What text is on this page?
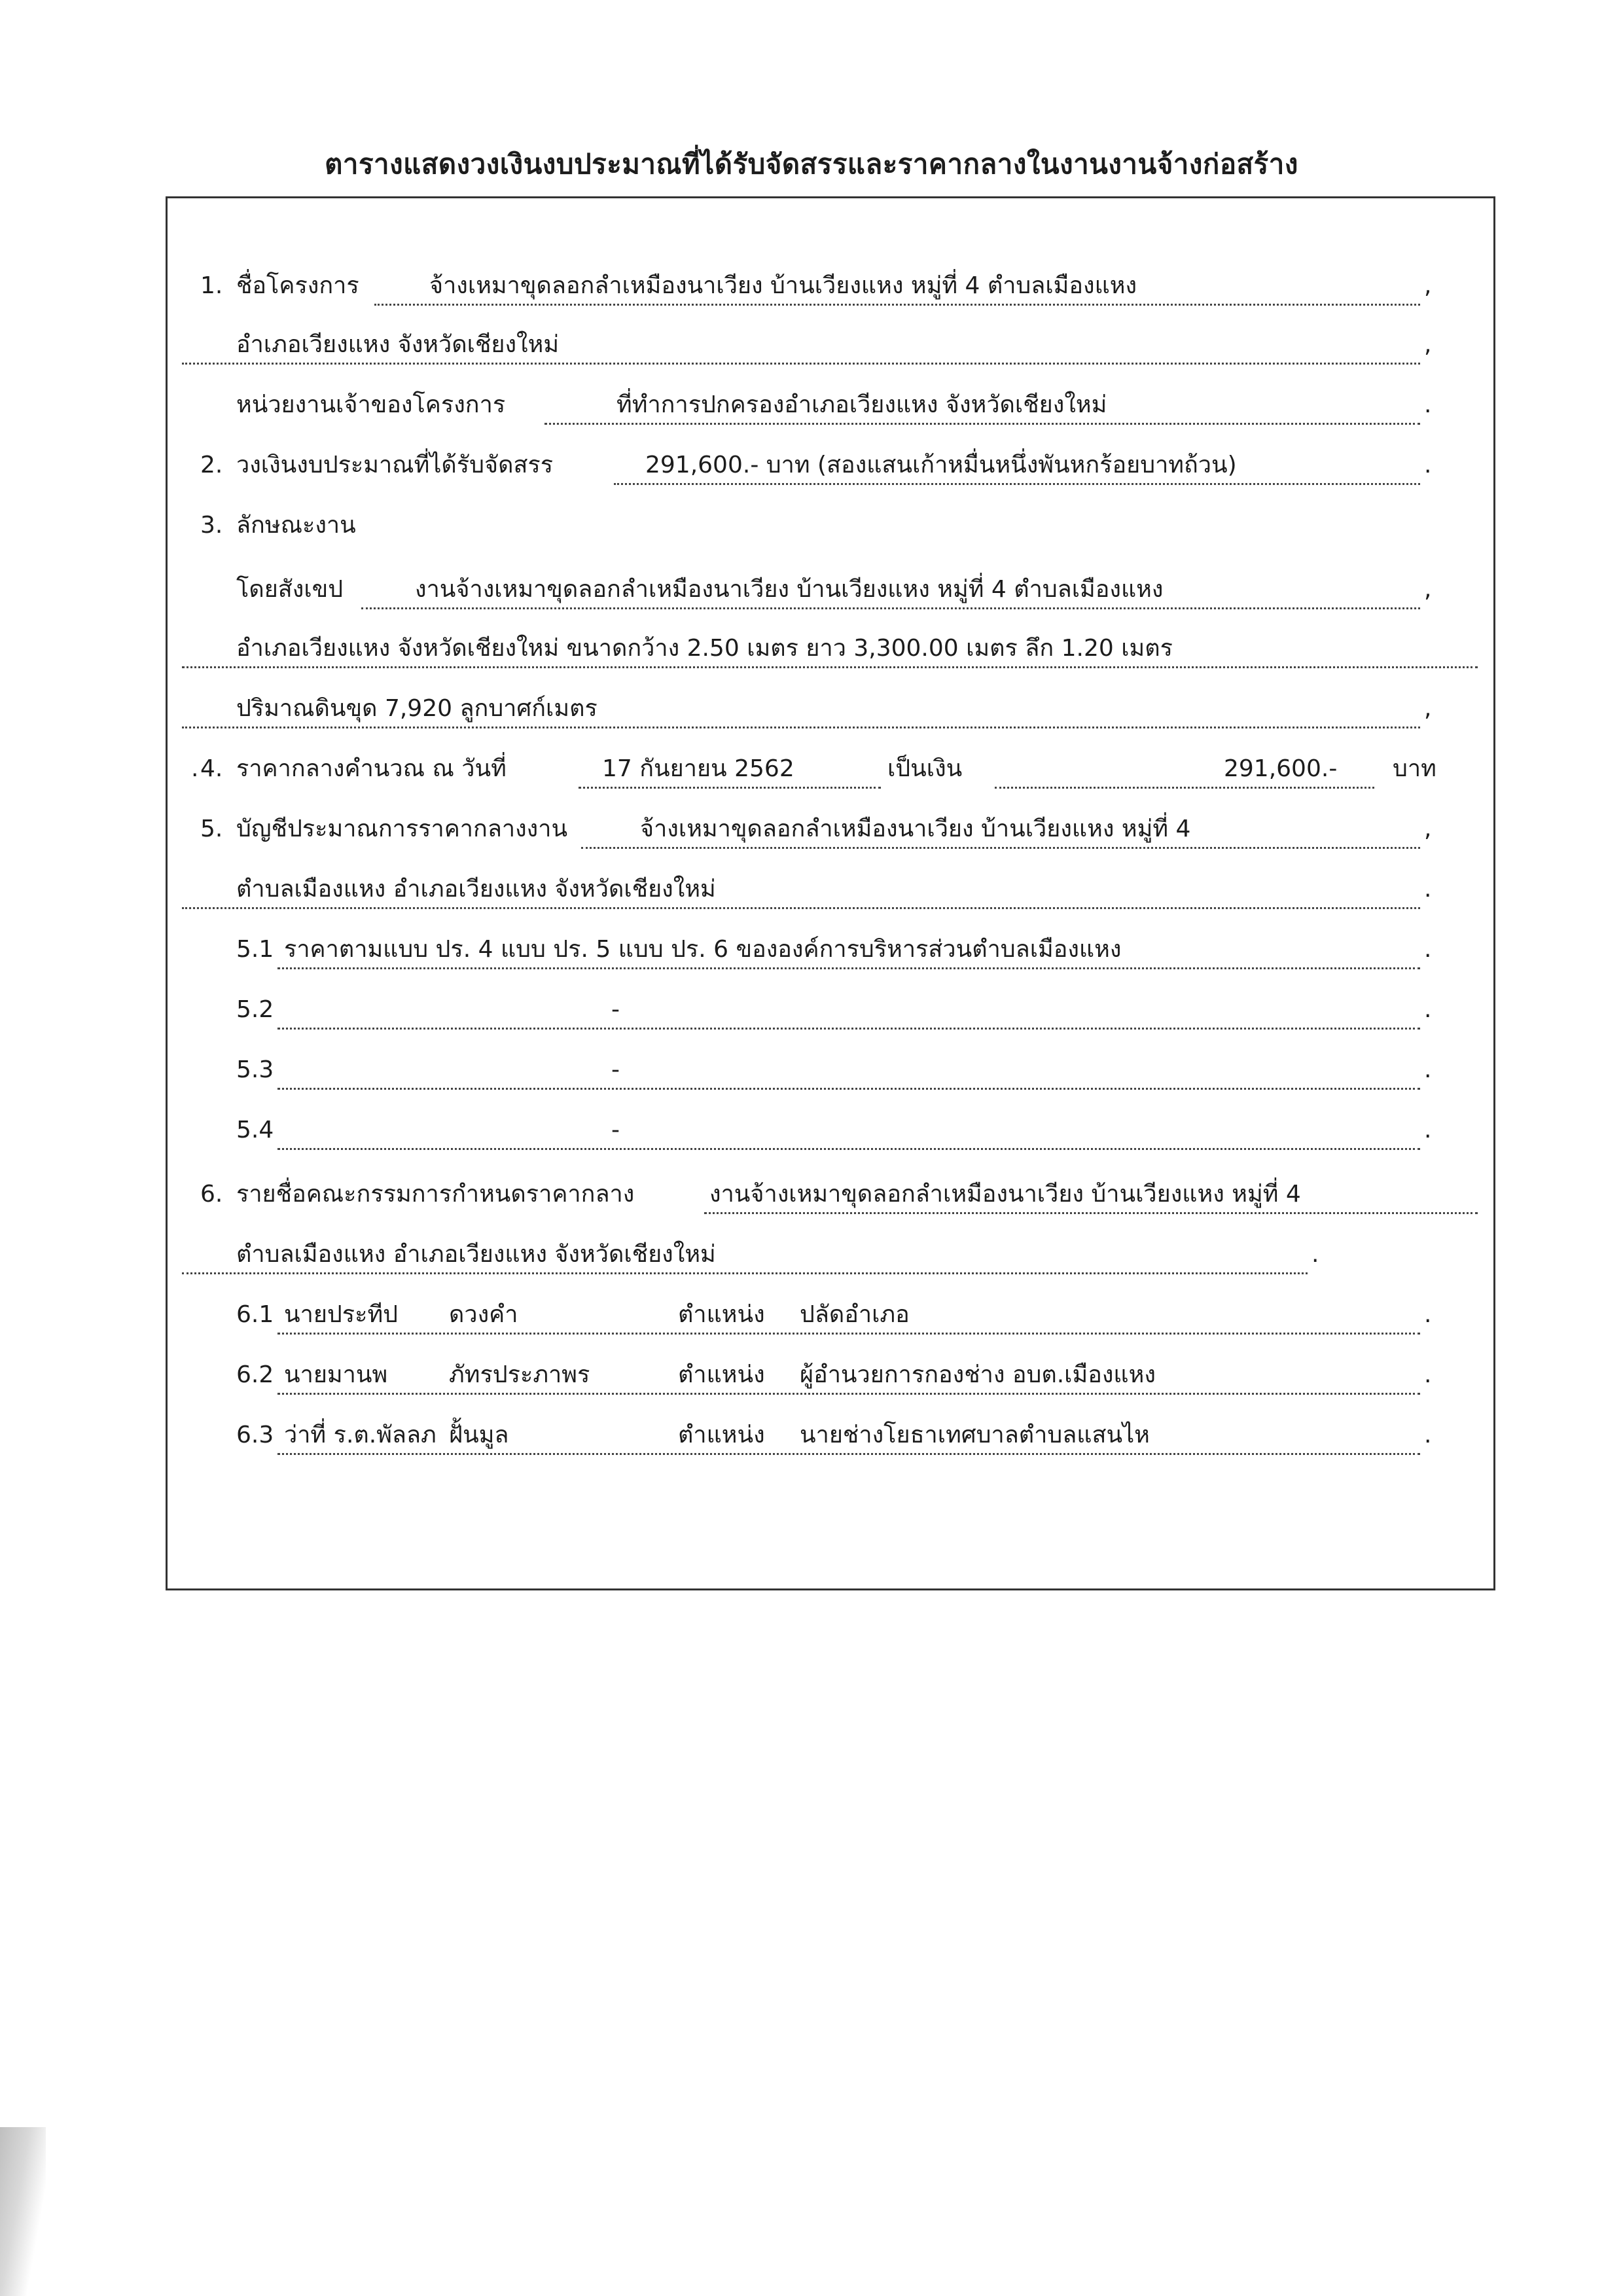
ตารางแสดงวงเงินงบประมาณที่ได้รับจัดสรรและราคากลางในงานงานจ้างก่อสร้าง
1. ชื่อโครงการ	จ้างเหมาขุดลอกลำเหมืองนาเวียง บ้านเวียงแหง หมู่ที่ 4 ตำบลเมืองแหง	,
อำเภอเวียงแหง จังหวัดเชียงใหม่	,
หน่วยงานเจ้าของโครงการ	ที่ทำการปกครองอำเภอเวียงแหง จังหวัดเชียงใหม่	.
2. วงเงินงบประมาณที่ได้รับจัดสรร	291,600.- บาท (สองแสนเก้าหมื่นหนึ่งพันหกร้อยบาทถ้วน)	.
3. ลักษณะงาน
โดยสังเขป	งานจ้างเหมาขุดลอกลำเหมืองนาเวียง บ้านเวียงแหง หมู่ที่ 4 ตำบลเมืองแหง	,
อำเภอเวียงแหง จังหวัดเชียงใหม่ ขนาดกว้าง 2.50 เมตร ยาว 3,300.00 เมตร ลึก 1.20 เมตร
ปริมาณดินขุด 7,920 ลูกบาศก์เมตร	,
. 4. ราคากลางคำนวณ ณ วันที่	17 กันยายน 2562	เป็นเงิน	291,600.- บาท
5. บัญชีประมาณการราคากลางงาน	จ้างเหมาขุดลอกลำเหมืองนาเวียง บ้านเวียงแหง หมู่ที่ 4	,
ตำบลเมืองแหง อำเภอเวียงแหง จังหวัดเชียงใหม่	.
5.1 ราคาตามแบบ ปร. 4 แบบ ปร. 5 แบบ ปร. 6 ขององค์การบริหารส่วนตำบลเมืองแหง	.
5.2	-	.
5.3	-	.
5.4	-	.
6. รายชื่อคณะกรรมการกำหนดราคากลาง	งานจ้างเหมาขุดลอกลำเหมืองนาเวียง บ้านเวียงแหง หมู่ที่ 4
ตำบลเมืองแหง อำเภอเวียงแหง จังหวัดเชียงใหม่	.
6.1 นายประทีป ดวงคำ	ตำแหน่ง ปลัดอำเภอ	.
6.2 นายมานพ	ภัทรประภาพร	ตำแหน่ง ผู้อำนวยการกองช่าง อบต.เมืองแหง	.
6.3 ว่าที่ ร.ต.พัลลภ ฝั้นมูล	ตำแหน่ง นายช่างโยธาเทศบาลตำบลแสนไห	.
